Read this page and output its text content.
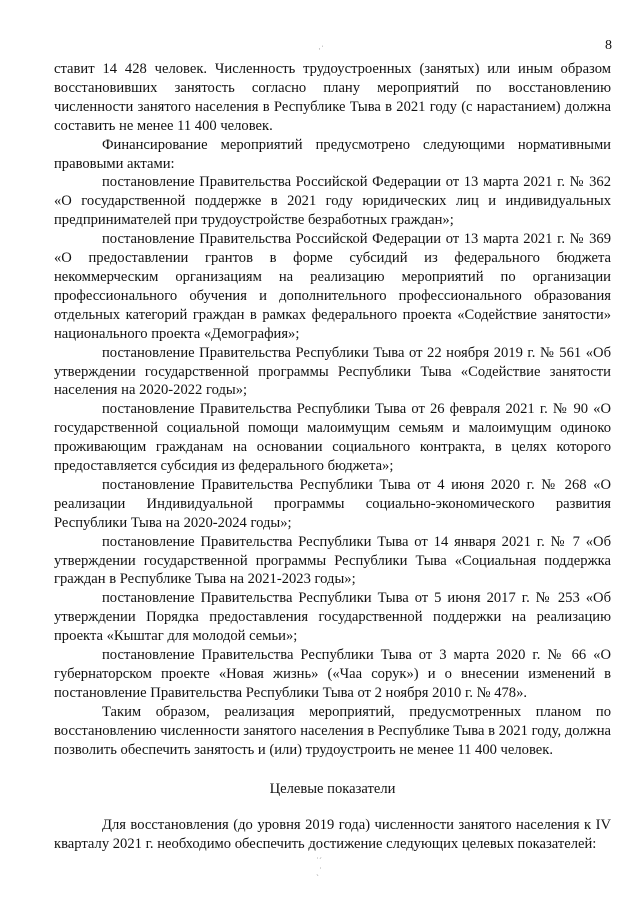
·ˈ	8

ставит 14 428 человек. Численность трудоустроенных (занятых) или иным образом восстановивших занятость согласно плану мероприятий по восстановлению численности занятого населения в Республике Тыва в 2021 году (с нарастанием) должна составить не менее 11 400 человек.

Финансирование мероприятий предусмотрено следующими нормативными правовыми актами:

постановление Правительства Российской Федерации от 13 марта 2021 г. № 362 «О государственной поддержке в 2021 году юридических лиц и индивидуальных предпринимателей при трудоустройстве безработных граждан»;

постановление Правительства Российской Федерации от 13 марта 2021 г. № 369 «О предоставлении грантов в форме субсидий из федерального бюджета некоммерческим организациям на реализацию мероприятий по организации профессионального обучения и дополнительного профессионального образования отдельных категорий граждан в рамках федерального проекта «Содействие занятости» национального проекта «Демография»;

постановление Правительства Республики Тыва от 22 ноября 2019 г. № 561 «Об утверждении государственной программы Республики Тыва «Содействие занятости населения на 2020-2022 годы»;

постановление Правительства Республики Тыва от 26 февраля 2021 г. № 90 «О государственной социальной помощи малоимущим семьям и малоимущим одиноко проживающим гражданам на основании социального контракта, в целях которого предоставляется субсидия из федерального бюджета»;

постановление Правительства Республики Тыва от 4 июня 2020 г. № 268 «О реализации Индивидуальной программы социально-экономического развития Республики Тыва на 2020-2024 годы»;

постановление Правительства Республики Тыва от 14 января 2021 г. № 7 «Об утверждении государственной программы Республики Тыва «Социальная поддержка граждан в Республике Тыва на 2021-2023 годы»;

постановление Правительства Республики Тыва от 5 июня 2017 г. № 253 «Об утверждении Порядка предоставления государственной поддержки на реализацию проекта «Кыштаг для молодой семьи»;

постановление Правительства Республики Тыва от 3 марта 2020 г. № 66 «О губернаторском проекте «Новая жизнь» («Чаа сорук») и о внесении изменений в постановление Правительства Республики Тыва от 2 ноября 2010 г. № 478».

Таким образом, реализация мероприятий, предусмотренных планом по восстановлению численности занятого населения в Республике Тыва в 2021 году, должна позволить обеспечить занятость и (или) трудоустроить не менее 11 400 человек.

Целевые показатели

Для восстановления (до уровня 2019 года) численности занятого населения к IV кварталу 2021 г. необходимо обеспечить достижение следующих целевых показателей:

˙ˊ
ˏ˙
